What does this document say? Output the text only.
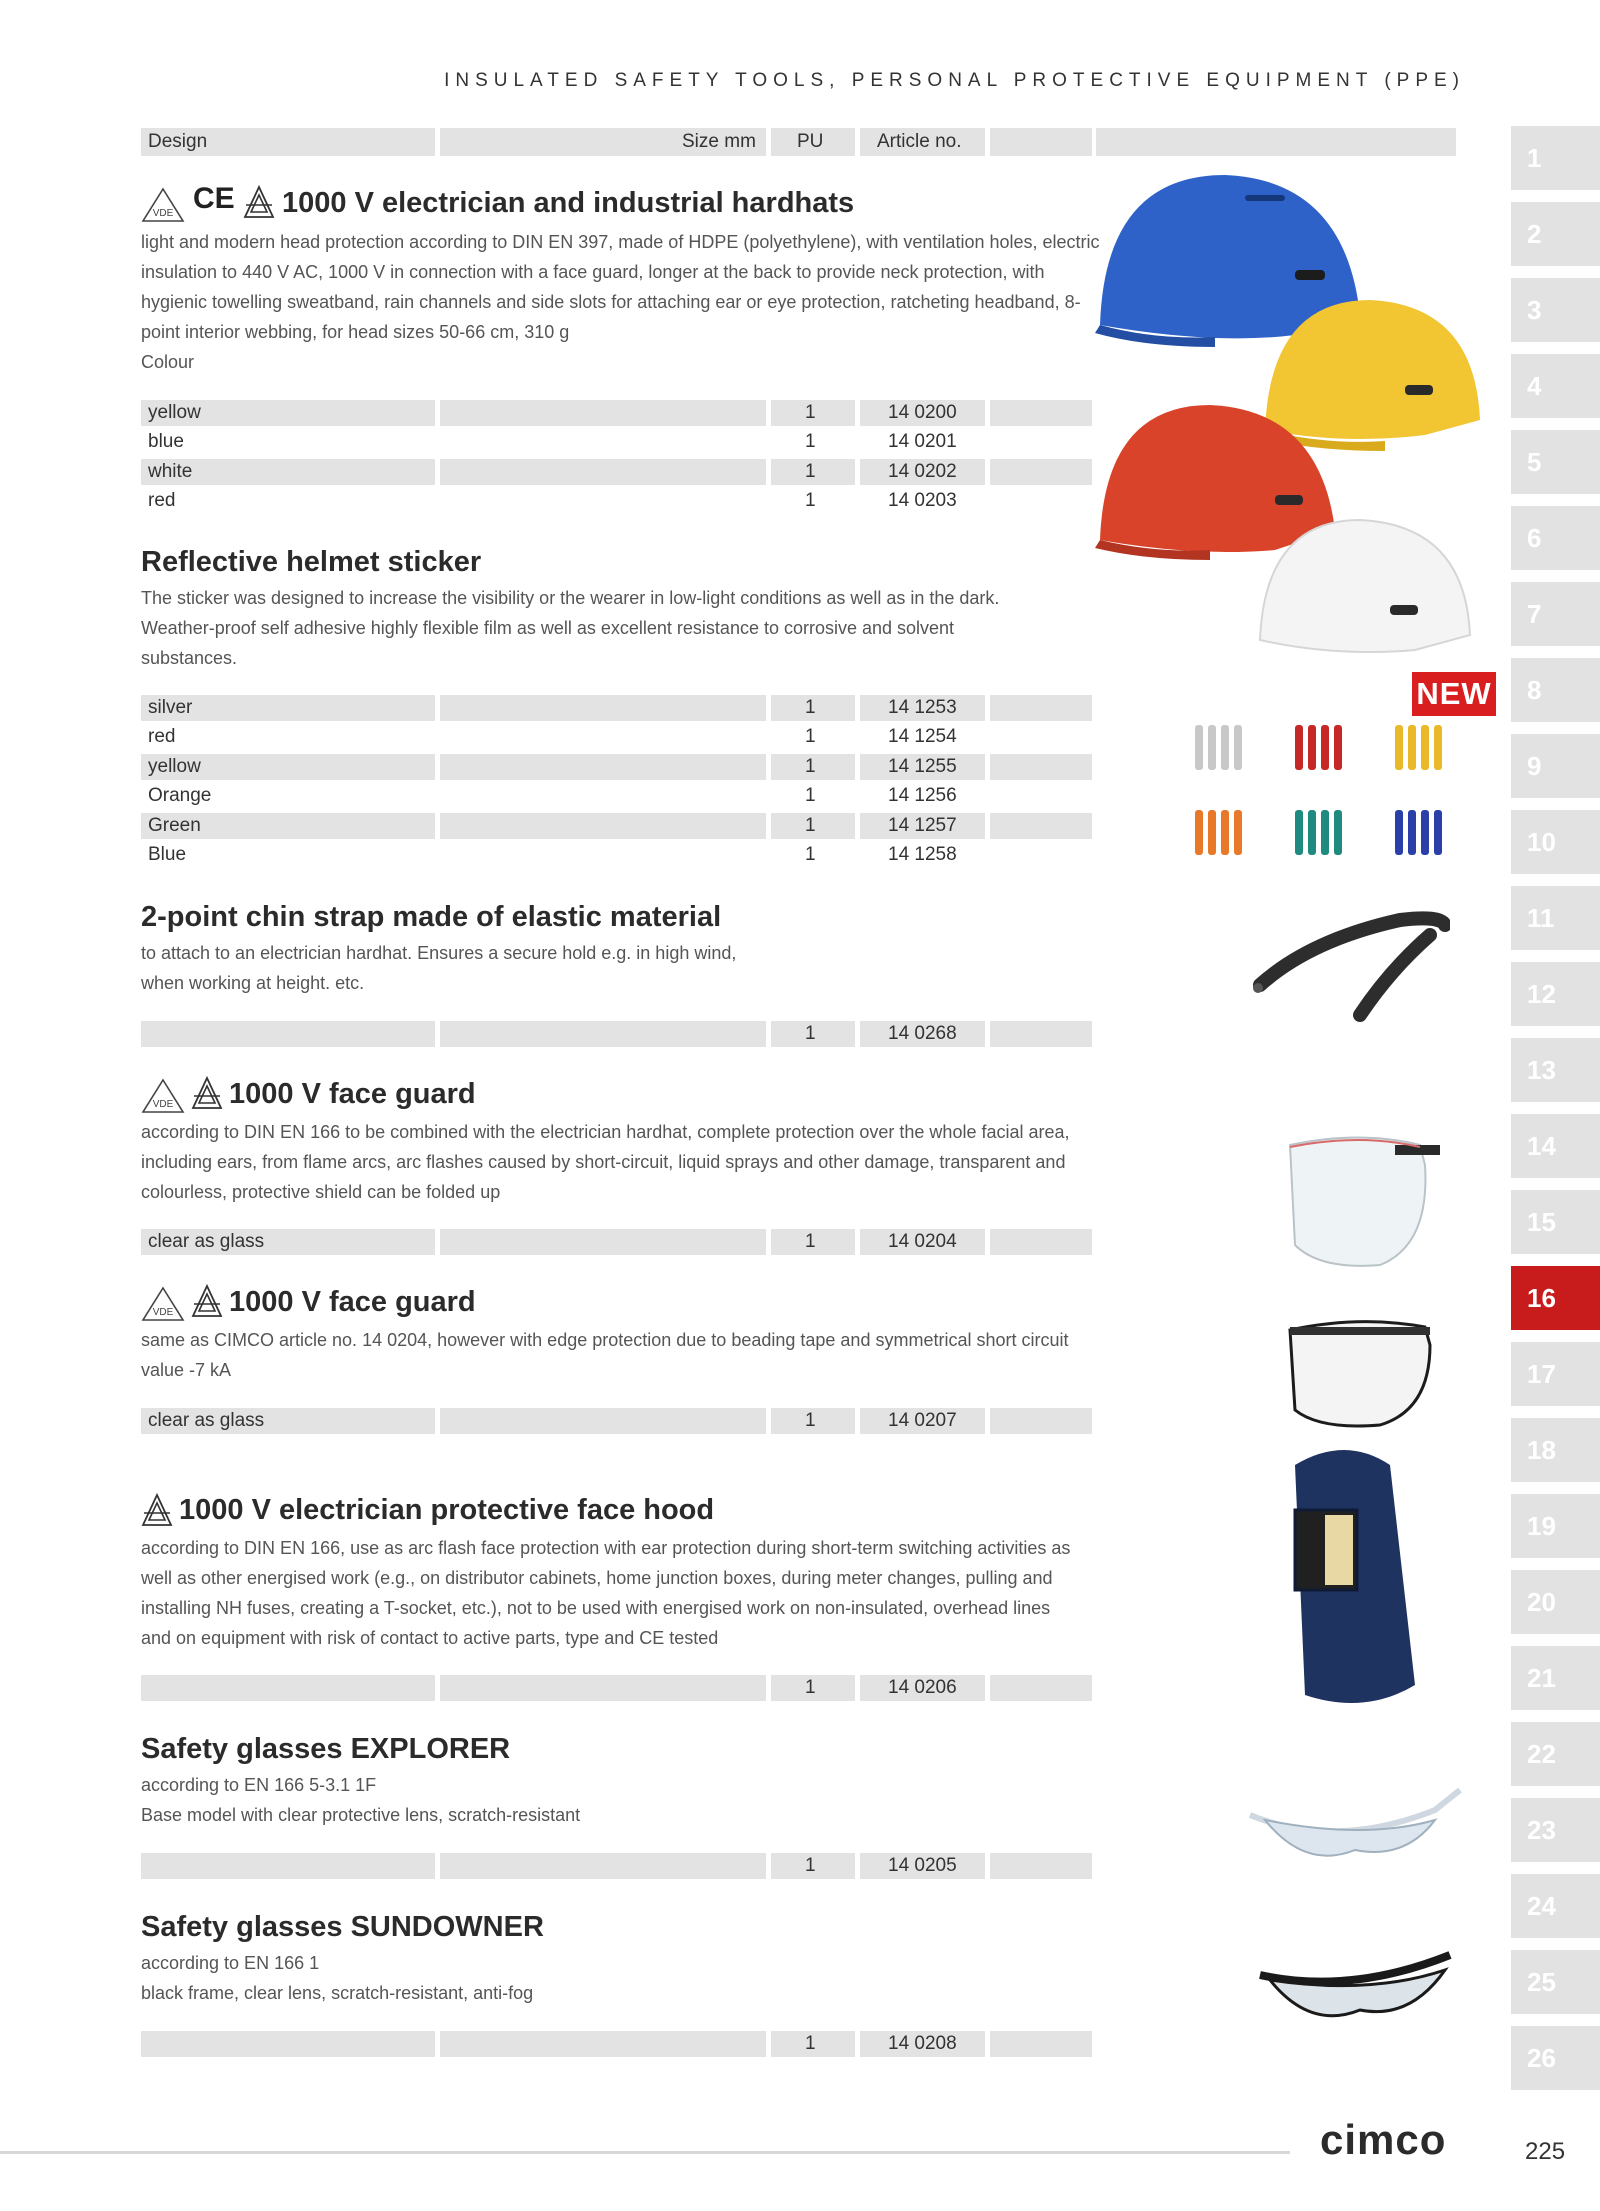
INSULATED SAFETY TOOLS, PERSONAL PROTECTIVE EQUIPMENT (PPE)
Design	Size mm PU	Article no.
VDE CE 1000 V electrician and industrial hardhats

light and modern head protection according to DIN EN 397, made of HDPE (polyethylene), with ventilation holes, electric insulation to 440 V AC, 1000 V in connection with a face guard, longer at the back to provide neck protection, with hygienic towelling sweatband, rain channels and side slots for attaching ear or eye protection, ratcheting headband, 8-point interior webbing, for head sizes 50-66 cm, 310 g

Colour

yellow	1	14 0200
blue	1	14 0201
white	1	14 0202
red	1	14 0203
Reflective helmet sticker

The sticker was designed to increase the visibility or the wearer in low-light conditions as well as in the dark. Weather-proof self adhesive highly flexible film as well as excellent resistance to corrosive and solvent substances.

silver	1	14 1253
red	1	14 1254
yellow	1	14 1255
Orange	1	14 1256
Green	1	14 1257
Blue	1	14 1258
2-point chin strap made of elastic material

to attach to an electrician hardhat. Ensures a secure hold e.g. in high wind, when working at height. etc.

1	14 0268
VDE 1000 V face guard

according to DIN EN 166 to be combined with the electrician hardhat, complete protection over the whole facial area, including ears, from flame arcs, arc flashes caused by short-circuit, liquid sprays and other damage, transparent and colourless, protective shield can be folded up

clear as glass	1	14 0204
VDE 1000 V face guard

same as CIMCO article no. 14 0204, however with edge protection due to beading tape and symmetrical short circuit value -7 kA

clear as glass	1	14 0207
1000 V electrician protective face hood

according to DIN EN 166, use as arc flash face protection with ear protection during short-term switching activities as well as other energised work (e.g., on distributor cabinets, home junction boxes, during meter changes, pulling and installing NH fuses, creating a T-socket, etc.), not to be used with energised work on non-insulated, overhead lines and on equipment with risk of contact to active parts, type and CE tested

1	14 0206
Safety glasses EXPLORER

according to EN 166 5-3.1 1F
Base model with clear protective lens, scratch-resistant

1	14 0205
Safety glasses SUNDOWNER

according to EN 166 1
black frame, clear lens, scratch-resistant, anti-fog

1	14 0208
NEW
1
2
3
4
5
6
7
8
9
10
11
12
13
14
15
16
17
18
19
20
21
22
23
24
25
26
cimco	225
